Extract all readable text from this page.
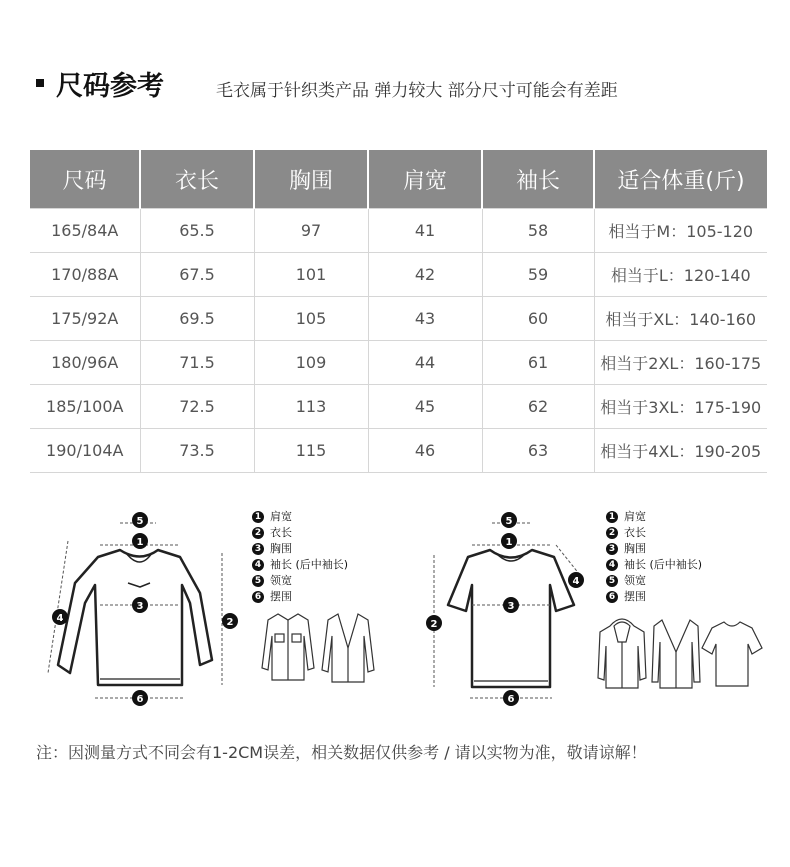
尺码参考	毛衣属于针织类产品 弹力较大 部分尺寸可能会有差距
尺码	衣长	胸围	肩宽	袖长	适合体重(斤)
165/84A	65.5	97	41	58	相当于M：105-120
170/88A	67.5	101	42	59	相当于L：120-140
175/92A	69.5	105	43	60	相当于XL：140-160
180/96A	71.5	109	44	61	相当于2XL：160-175
185/100A	72.5	113	45	62	相当于3XL：175-190
190/104A	73.5	115	46	63	相当于4XL：190-205
5
1
3
6
2
4
1 肩宽
2 衣长
3 胸围
4 袖长 (后中袖长)
5 领宽
6 摆围
5
1
3
6
2
4
1 肩宽
2 衣长
3 胸围
4 袖长 (后中袖长)
5 领宽
6 摆围
注：因测量方式不同会有1-2CM误差，相关数据仅供参考 / 请以实物为准，敬请谅解！
